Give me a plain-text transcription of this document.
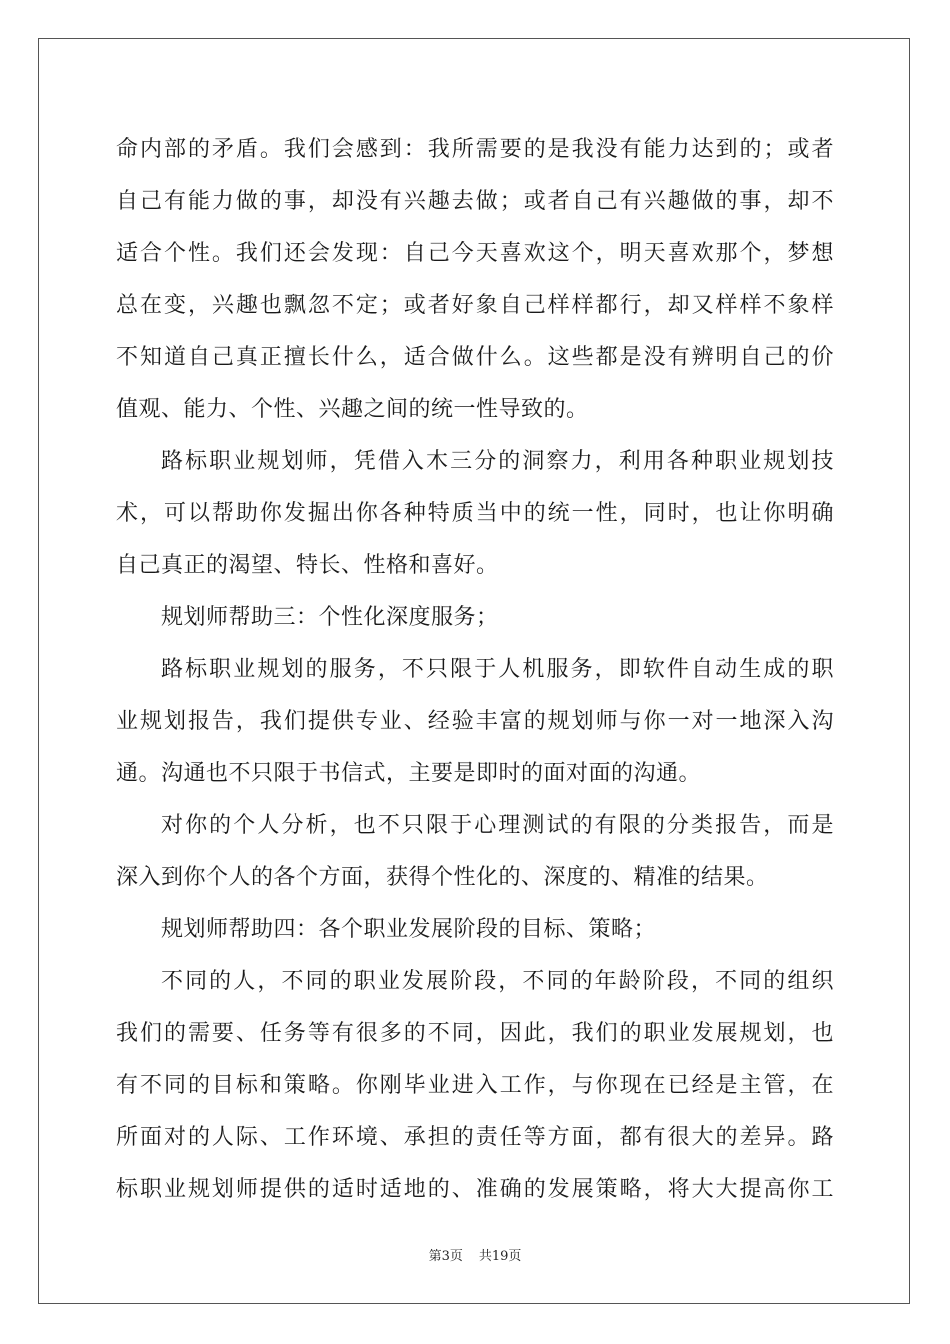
命内部的矛盾。我们会感到：我所需要的是我没有能力达到的；或者
自己有能力做的事，却没有兴趣去做；或者自己有兴趣做的事，却不
适合个性。我们还会发现：自己今天喜欢这个，明天喜欢那个，梦想
总在变，兴趣也飘忽不定；或者好象自己样样都行，却又样样不象样
不知道自己真正擅长什么，适合做什么。这些都是没有辨明自己的价
值观、能力、个性、兴趣之间的统一性导致的。
路标职业规划师，凭借入木三分的洞察力，利用各种职业规划技
术，可以帮助你发掘出你各种特质当中的统一性，同时，也让你明确
自己真正的渴望、特长、性格和喜好。
规划师帮助三：个性化深度服务；
路标职业规划的服务，不只限于人机服务，即软件自动生成的职
业规划报告，我们提供专业、经验丰富的规划师与你一对一地深入沟
通。沟通也不只限于书信式，主要是即时的面对面的沟通。
对你的个人分析，也不只限于心理测试的有限的分类报告，而是
深入到你个人的各个方面，获得个性化的、深度的、精准的结果。
规划师帮助四：各个职业发展阶段的目标、策略；
不同的人，不同的职业发展阶段，不同的年龄阶段，不同的组织
我们的需要、任务等有很多的不同，因此，我们的职业发展规划，也
有不同的目标和策略。你刚毕业进入工作，与你现在已经是主管，在
所面对的人际、工作环境、承担的责任等方面，都有很大的差异。路
标职业规划师提供的适时适地的、准确的发展策略，将大大提高你工
第3页 共19页
